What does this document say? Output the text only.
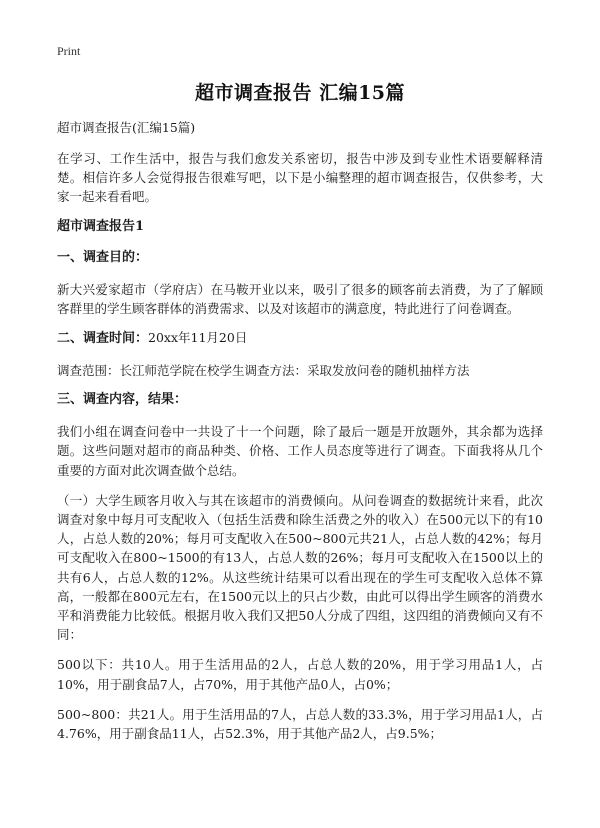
Print
超市调查报告 汇编15篇
超市调查报告(汇编15篇)

在学习、工作生活中，报告与我们愈发关系密切，报告中涉及到专业性术语要解释清楚。相信许多人会觉得报告很难写吧，以下是小编整理的超市调查报告，仅供参考，大家一起来看看吧。

超市调查报告1
一、调查目的：

新大兴爱家超市（学府店）在马鞍开业以来，吸引了很多的顾客前去消费，为了了解顾客群里的学生顾客群体的消费需求、以及对该超市的满意度，特此进行了问卷调查。

二、调查时间：20xx年11月20日

调查范围：长江师范学院在校学生调查方法：采取发放问卷的随机抽样方法

三、调查内容，结果：

我们小组在调查问卷中一共设了十一个问题，除了最后一题是开放题外，其余都为选择题。这些问题对超市的商品种类、价格、工作人员态度等进行了调查。下面我将从几个重要的方面对此次调查做个总结。

（一）大学生顾客月收入与其在该超市的消费倾向。从问卷调查的数据统计来看，此次调查对象中每月可支配收入（包括生活费和除生活费之外的收入）在500元以下的有10人，占总人数的20%；每月可支配收入在500~800元共21人，占总人数的42%；每月可支配收入在800~1500的有13人，占总人数的26%；每月可支配收入在1500以上的共有6人，占总人数的12%。从这些统计结果可以看出现在的学生可支配收入总体不算高，一般都在800元左右，在1500元以上的只占少数，由此可以得出学生顾客的消费水平和消费能力比较低。根据月收入我们又把50人分成了四组，这四组的消费倾向又有不同：

500以下：共10人。用于生活用品的2人，占总人数的20%，用于学习用品1人，占10%，用于副食品7人，占70%，用于其他产品0人，占0%；

500~800：共21人。用于生活用品的7人，占总人数的33.3%，用于学习用品1人，占4.76%，用于副食品11人，占52.3%，用于其他产品2人，占9.5%；
